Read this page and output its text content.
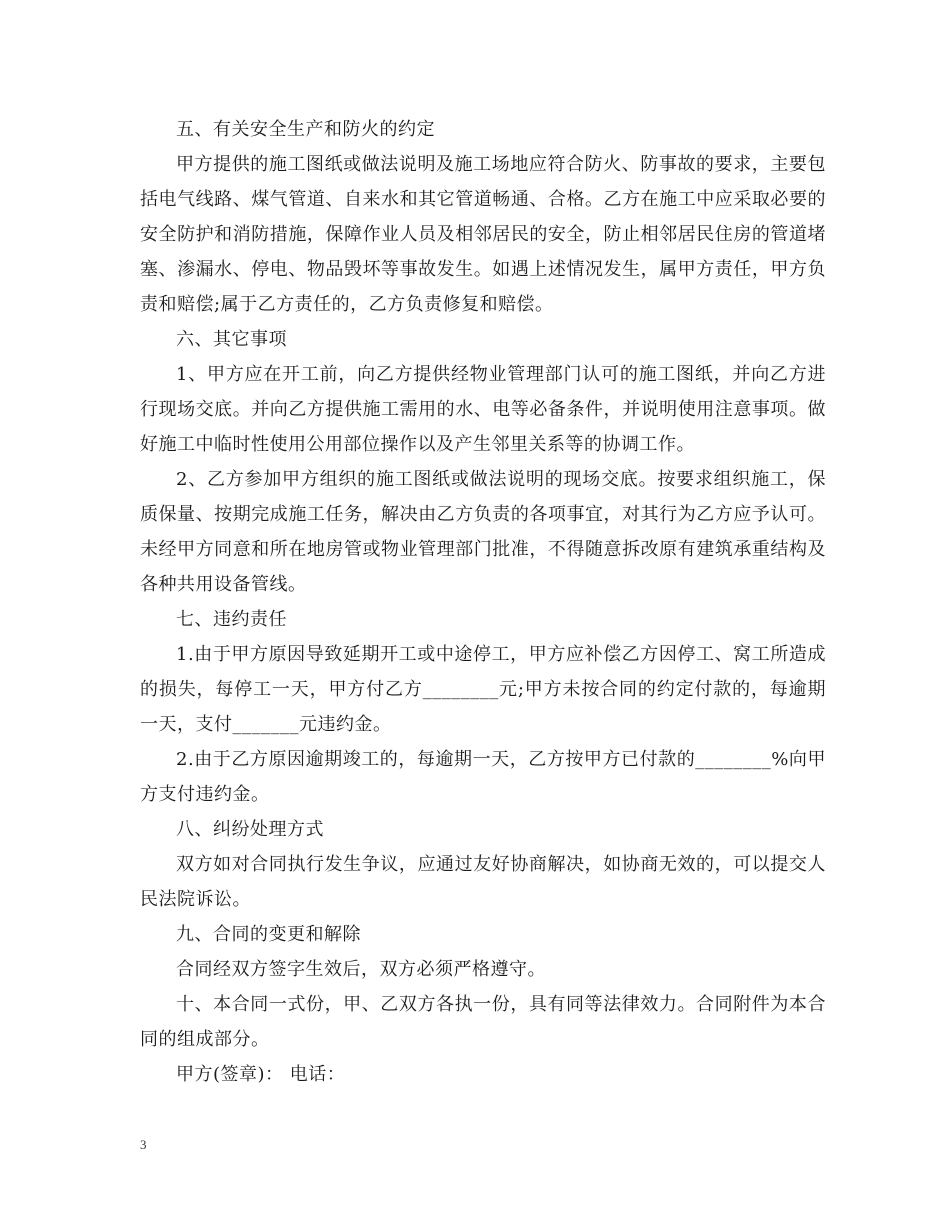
五、有关安全生产和防火的约定

甲方提供的施工图纸或做法说明及施工场地应符合防火、防事故的要求，主要包括电气线路、煤气管道、自来水和其它管道畅通、合格。乙方在施工中应采取必要的安全防护和消防措施，保障作业人员及相邻居民的安全，防止相邻居民住房的管道堵塞、渗漏水、停电、物品毁坏等事故发生。如遇上述情况发生，属甲方责任，甲方负责和赔偿;属于乙方责任的，乙方负责修复和赔偿。

六、其它事项

1、甲方应在开工前，向乙方提供经物业管理部门认可的施工图纸，并向乙方进行现场交底。并向乙方提供施工需用的水、电等必备条件，并说明使用注意事项。做好施工中临时性使用公用部位操作以及产生邻里关系等的协调工作。

2、乙方参加甲方组织的施工图纸或做法说明的现场交底。按要求组织施工，保质保量、按期完成施工任务，解决由乙方负责的各项事宜，对其行为乙方应予认可。未经甲方同意和所在地房管或物业管理部门批准，不得随意拆改原有建筑承重结构及各种共用设备管线。

七、违约责任

1.由于甲方原因导致延期开工或中途停工，甲方应补偿乙方因停工、窝工所造成的损失，每停工一天，甲方付乙方________元;甲方未按合同的约定付款的，每逾期一天，支付_______元违约金。

2.由于乙方原因逾期竣工的，每逾期一天，乙方按甲方已付款的________%向甲方支付违约金。

八、纠纷处理方式

双方如对合同执行发生争议，应通过友好协商解决，如协商无效的，可以提交人民法院诉讼。

九、合同的变更和解除

合同经双方签字生效后，双方必须严格遵守。

十、本合同一式份，甲、乙双方各执一份，具有同等法律效力。合同附件为本合同的组成部分。

甲方(签章)： 电话：

3
